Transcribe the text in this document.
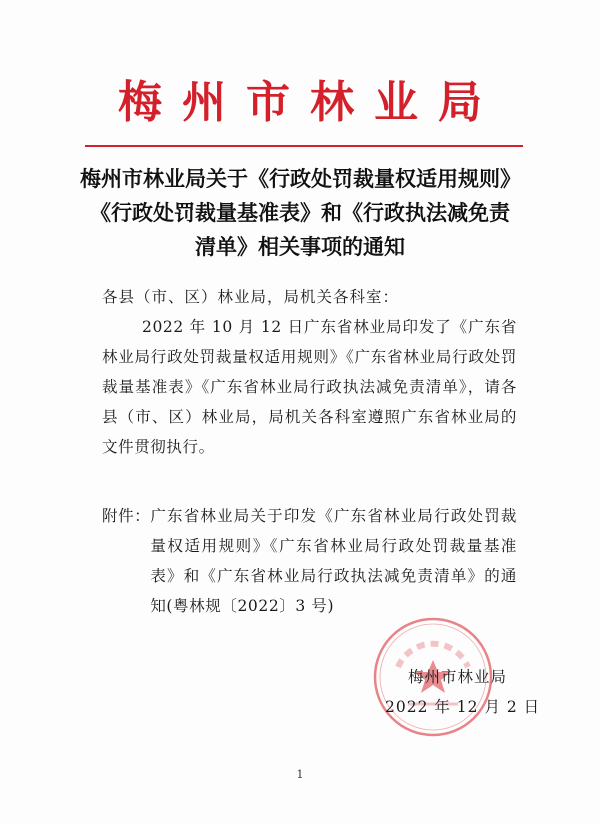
梅州市林业局
梅州市林业局关于《行政处罚裁量权适用规则》
《行政处罚裁量基准表》和《行政执法减免责
清单》相关事项的通知
各县（市、区）林业局，局机关各科室：
2022 年 10 月 12 日广东省林业局印发了《广东省林业局行政处罚裁量权适用规则》《广东省林业局行政处罚裁量基准表》《广东省林业局行政执法减免责清单》，请各县（市、区）林业局，局机关各科室遵照广东省林业局的文件贯彻执行。
附件： 广东省林业局关于印发《广东省林业局行政处罚裁量权适用规则》《广东省林业局行政处罚裁量基准表》和《广东省林业局行政执法减免责清单》的通知(粤林规〔2022〕3 号)
梅州市林业局
2022 年 12 月 2 日
1
